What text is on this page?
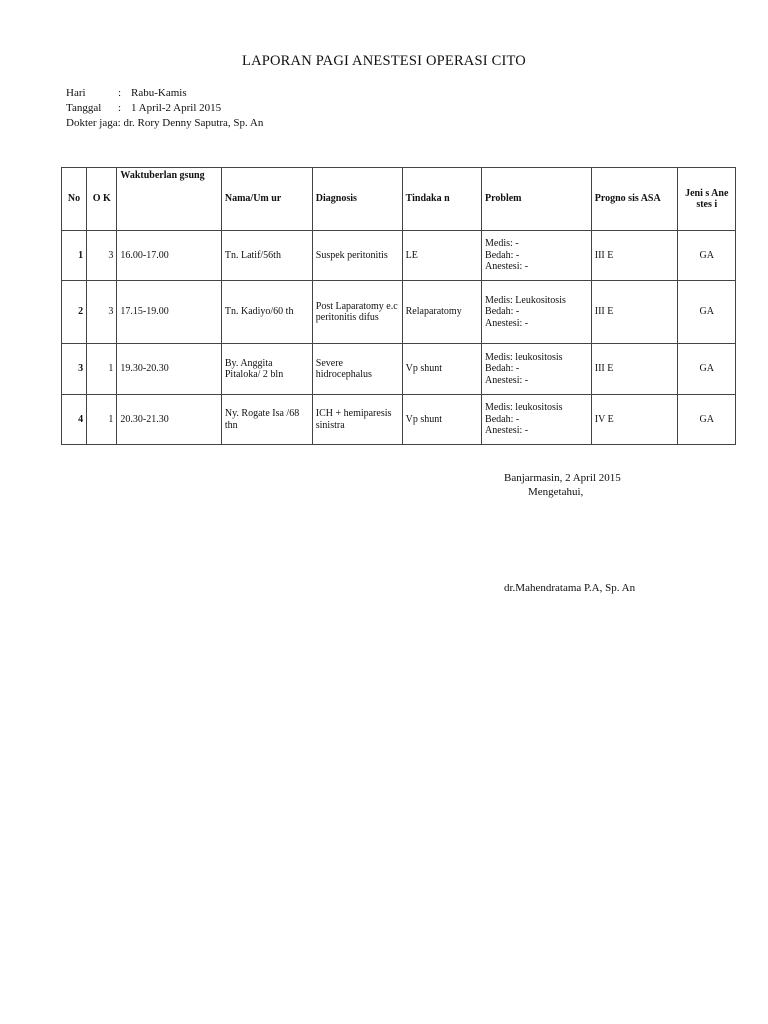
LAPORAN PAGI ANESTESI OPERASI CITO
Hari	: Rabu-Kamis
Tanggal : 1 April-2 April 2015
Dokter jaga: dr. Rory Denny Saputra, Sp. An
No	O K	Waktuberlan gsung	Nama/Um ur	Diagnosis	Tindaka n	Problem	Progno sis ASA	Jeni s Ane stes i
1	3	16.00-17.00	Tn. Latif/56th	Suspek peritonitis	LE	Medis: -
Bedah: -
Anestesi: -	III E	GA
2	3	17.15-19.00	Tn. Kadiyo/60 th	Post Laparatomy e.c peritonitis difus	Relaparatomy	Medis: Leukositosis
Bedah: -
Anestesi: -	III E	GA
3	1	19.30-20.30	By. Anggita Pitaloka/ 2 bln	Severe hidrocephalus	Vp shunt	Medis: leukositosis
Bedah: -
Anestesi: -	III E	GA
4	1	20.30-21.30	Ny. Rogate Isa /68 thn	ICH + hemiparesis sinistra	Vp shunt	Medis: leukositosis
Bedah: -
Anestesi: -	IV E	GA
Banjarmasin, 2 April 2015
Mengetahui,
dr.Mahendratama P.A, Sp. An
